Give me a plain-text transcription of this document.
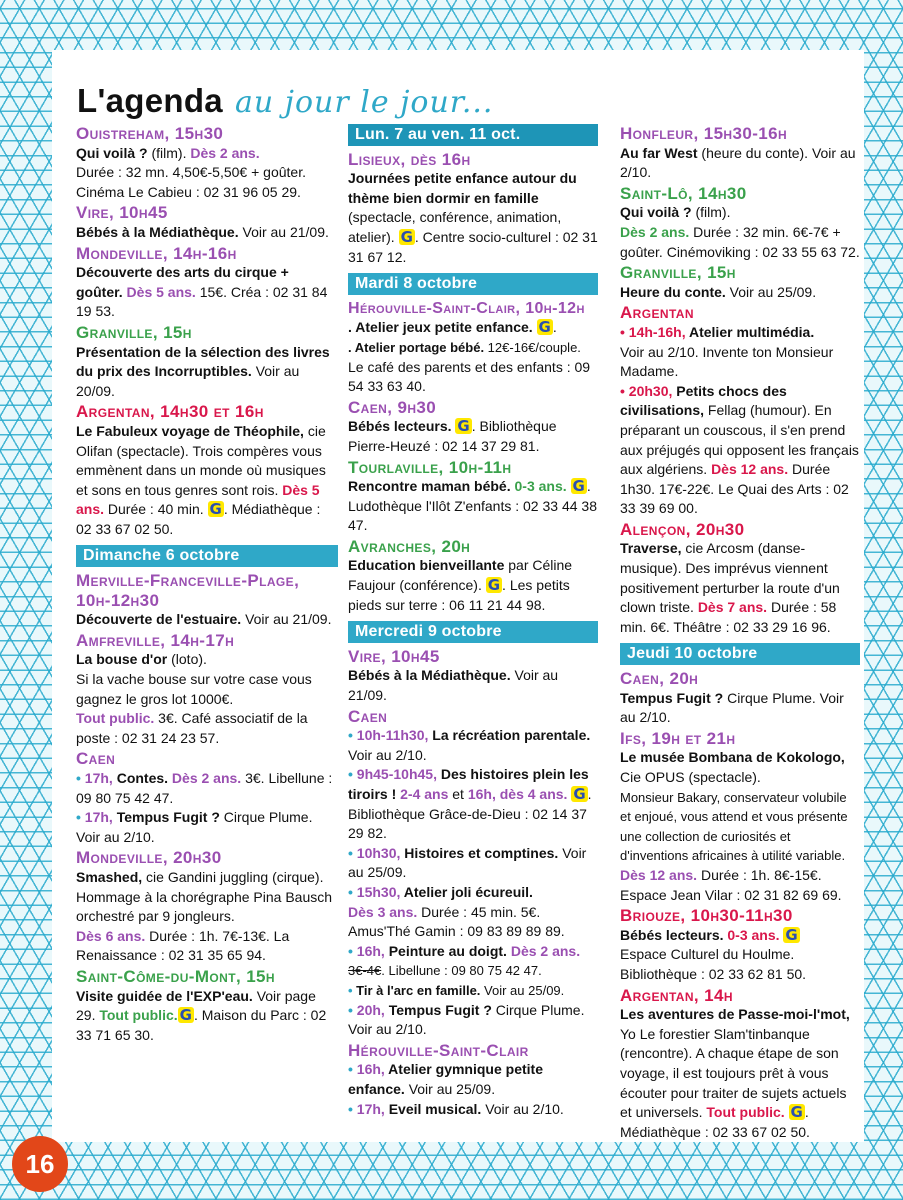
L'agenda au jour le jour...
Ouistreham, 15h30
Qui voilà ? (film). Dès 2 ans.
Durée : 32 mn. 4,50€-5,50€ + goûter. Cinéma Le Cabieu : 02 31 96 05 29.
Vire, 10h45
Bébés à la Médiathèque. Voir au 21/09.
Mondeville, 14h-16h
Découverte des arts du cirque + goûter. Dès 5 ans. 15€. Créa : 02 31 84 19 53.
Granville, 15h
Présentation de la sélection des livres du prix des Incorruptibles. Voir au 20/09.
Argentan, 14h30 et 16h
Le Fabuleux voyage de Théophile, cie Olifan (spectacle). Trois compères vous emmènent dans un monde où musiques et sons en tous genres sont rois. Dès 5 ans. Durée : 40 min. G . Médiathèque : 02 33 67 02 50.
Dimanche 6 octobre
Merville-Franceville-Plage, 10h-12h30
Découverte de l'estuaire. Voir au 21/09.
Amfreville, 14h-17h
La bouse d'or (loto).
Si la vache bouse sur votre case vous gagnez le gros lot 1000€.
Tout public. 3€. Café associatif de la poste : 02 31 24 23 57.
Caen
• 17h, Contes. Dès 2 ans. 3€. Libellune : 09 80 75 42 47.
• 17h, Tempus Fugit ? Cirque Plume. Voir au 2/10.
Mondeville, 20h30
Smashed, cie Gandini juggling (cirque).
Hommage à la chorégraphe Pina Bausch orchestré par 9 jongleurs.
Dès 6 ans. Durée : 1h. 7€-13€. La Renaissance : 02 31 35 65 94.
Saint-Côme-du-Mont, 15h
Visite guidée de l'EXP'eau. Voir page 29. Tout public. G . Maison du Parc : 02 33 71 65 30.
Lun. 7 au ven. 11 oct.
Lisieux, dès 16h
Journées petite enfance autour du thème bien dormir en famille (spectacle, conférence, animation, atelier). G . Centre socio-culturel : 02 31 31 67 12.
Mardi 8 octobre
Hérouville-Saint-Clair, 10h-12h
. Atelier jeux petite enfance. G .
. Atelier portage bébé. 12€-16€/couple.
Le café des parents et des enfants : 09 54 33 63 40.
Caen, 9h30
Bébés lecteurs. G . Bibliothèque Pierre-Heuzé : 02 14 37 29 81.
Tourlaville, 10h-11h
Rencontre maman bébé. 0-3 ans. G . Ludothèque l'Ilôt Z'enfants : 02 33 44 38 47.
Avranches, 20h
Education bienveillante par Céline Faujour (conférence). G . Les petits pieds sur terre : 06 11 21 44 98.
Mercredi 9 octobre
Vire, 10h45
Bébés à la Médiathèque. Voir au 21/09.
Caen
• 10h-11h30, La récréation parentale. Voir au 2/10.
• 9h45-10h45, Des histoires plein les tiroirs ! 2-4 ans et 16h, dès 4 ans. G . Bibliothèque Grâce-de-Dieu : 02 14 37 29 82.
• 10h30, Histoires et comptines. Voir au 25/09.
• 15h30, Atelier joli écureuil.
Dès 3 ans. Durée : 45 min. 5€. Amus'Thé Gamin : 09 83 89 89 89.
• 16h, Peinture au doigt. Dès 2 ans.
3€-4€. Libellune : 09 80 75 42 47.
• Tir à l'arc en famille. Voir au 25/09.
• 20h, Tempus Fugit ? Cirque Plume. Voir au 2/10.
Hérouville-Saint-Clair
• 16h, Atelier gymnique petite enfance. Voir au 25/09.
• 17h, Eveil musical. Voir au 2/10.
Honfleur, 15h30-16h
Au far West (heure du conte). Voir au 2/10.
Saint-Lô, 14h30
Qui voilà ? (film).
Dès 2 ans. Durée : 32 min. 6€-7€ + goûter. Cinémoviking : 02 33 55 63 72.
Granville, 15h
Heure du conte. Voir au 25/09.
Argentan
• 14h-16h, Atelier multimédia.
Voir au 2/10. Invente ton Monsieur Madame.
• 20h30, Petits chocs des civilisations, Fellag (humour). En préparant un couscous, il s'en prend aux préjugés qui opposent les français aux algériens. Dès 12 ans. Durée 1h30. 17€-22€. Le Quai des Arts : 02 33 39 69 00.
Alençon, 20h30
Traverse, cie Arcosm (danse-musique). Des imprévus viennent positivement perturber la route d'un clown triste. Dès 7 ans. Durée : 58 min. 6€. Théâtre : 02 33 29 16 96.
Jeudi 10 octobre
Caen, 20h
Tempus Fugit ? Cirque Plume. Voir au 2/10.
Ifs, 19h et 21h
Le musée Bombana de Kokologo, Cie OPUS (spectacle).
Monsieur Bakary, conservateur volubile et enjoué, vous attend et vous présente une collection de curiosités et d'inventions africaines à utilité variable.
Dès 12 ans. Durée : 1h. 8€-15€. Espace Jean Vilar : 02 31 82 69 69.
Briouze, 10h30-11h30
Bébés lecteurs. 0-3 ans. G
Espace Culturel du Houlme. Bibliothèque : 02 33 62 81 50.
Argentan, 14h
Les aventures de Passe-moi-l'mot, Yo Le forestier Slam'tinbanque (rencontre). A chaque étape de son voyage, il est toujours prêt à vous écouter pour traiter de sujets actuels et universels. Tout public. G . Médiathèque : 02 33 67 02 50.
16
